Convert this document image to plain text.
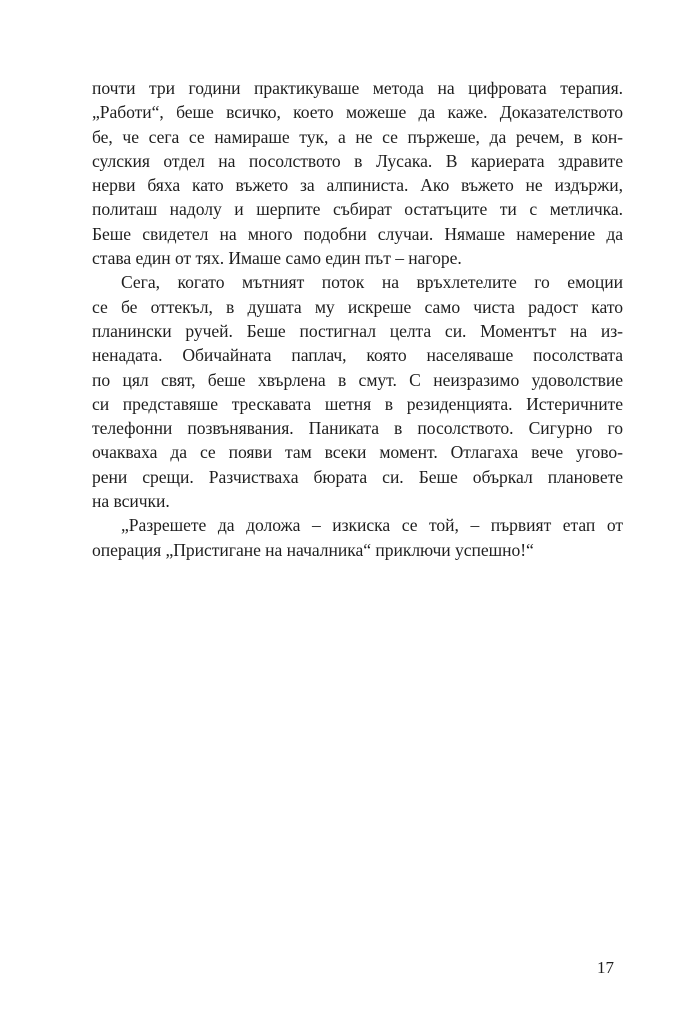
почти три години практикуваше метода на цифровата терапия.
„Работи“, беше всичко, което можеше да каже. Доказателството
бе, че сега се намираше тук, а не се пържеше, да речем, в кон-
сулския отдел на посолството в Лусака. В кариерата здравите
нерви бяха като въжето за алпиниста. Ако въжето не издържи,
политаш надолу и шерпите събират остатъците ти с метличка.
Беше свидетел на много подобни случаи. Нямаше намерение да
става един от тях. Имаше само един път – нагоре.
Сега, когато мътният поток на връхлетелите го емоции
се бе оттекъл, в душата му искреше само чиста радост като
планински ручей. Беше постигнал целта си. Моментът на из-
ненадата. Обичайната паплач, която населяваше посолствата
по цял свят, беше хвърлена в смут. С неизразимо удоволствие
си представяше трескавата шетня в резиденцията. Истеричните
телефонни позвънявания. Паниката в посолството. Сигурно го
очакваха да се появи там всеки момент. Отлагаха вече угово-
рени срещи. Разчистваха бюрата си. Беше объркал плановете
на всички.
„Разрешете да доложа – изкиска се той, – първият етап от
операция „Пристигане на началника“ приключи успешно!“
17
